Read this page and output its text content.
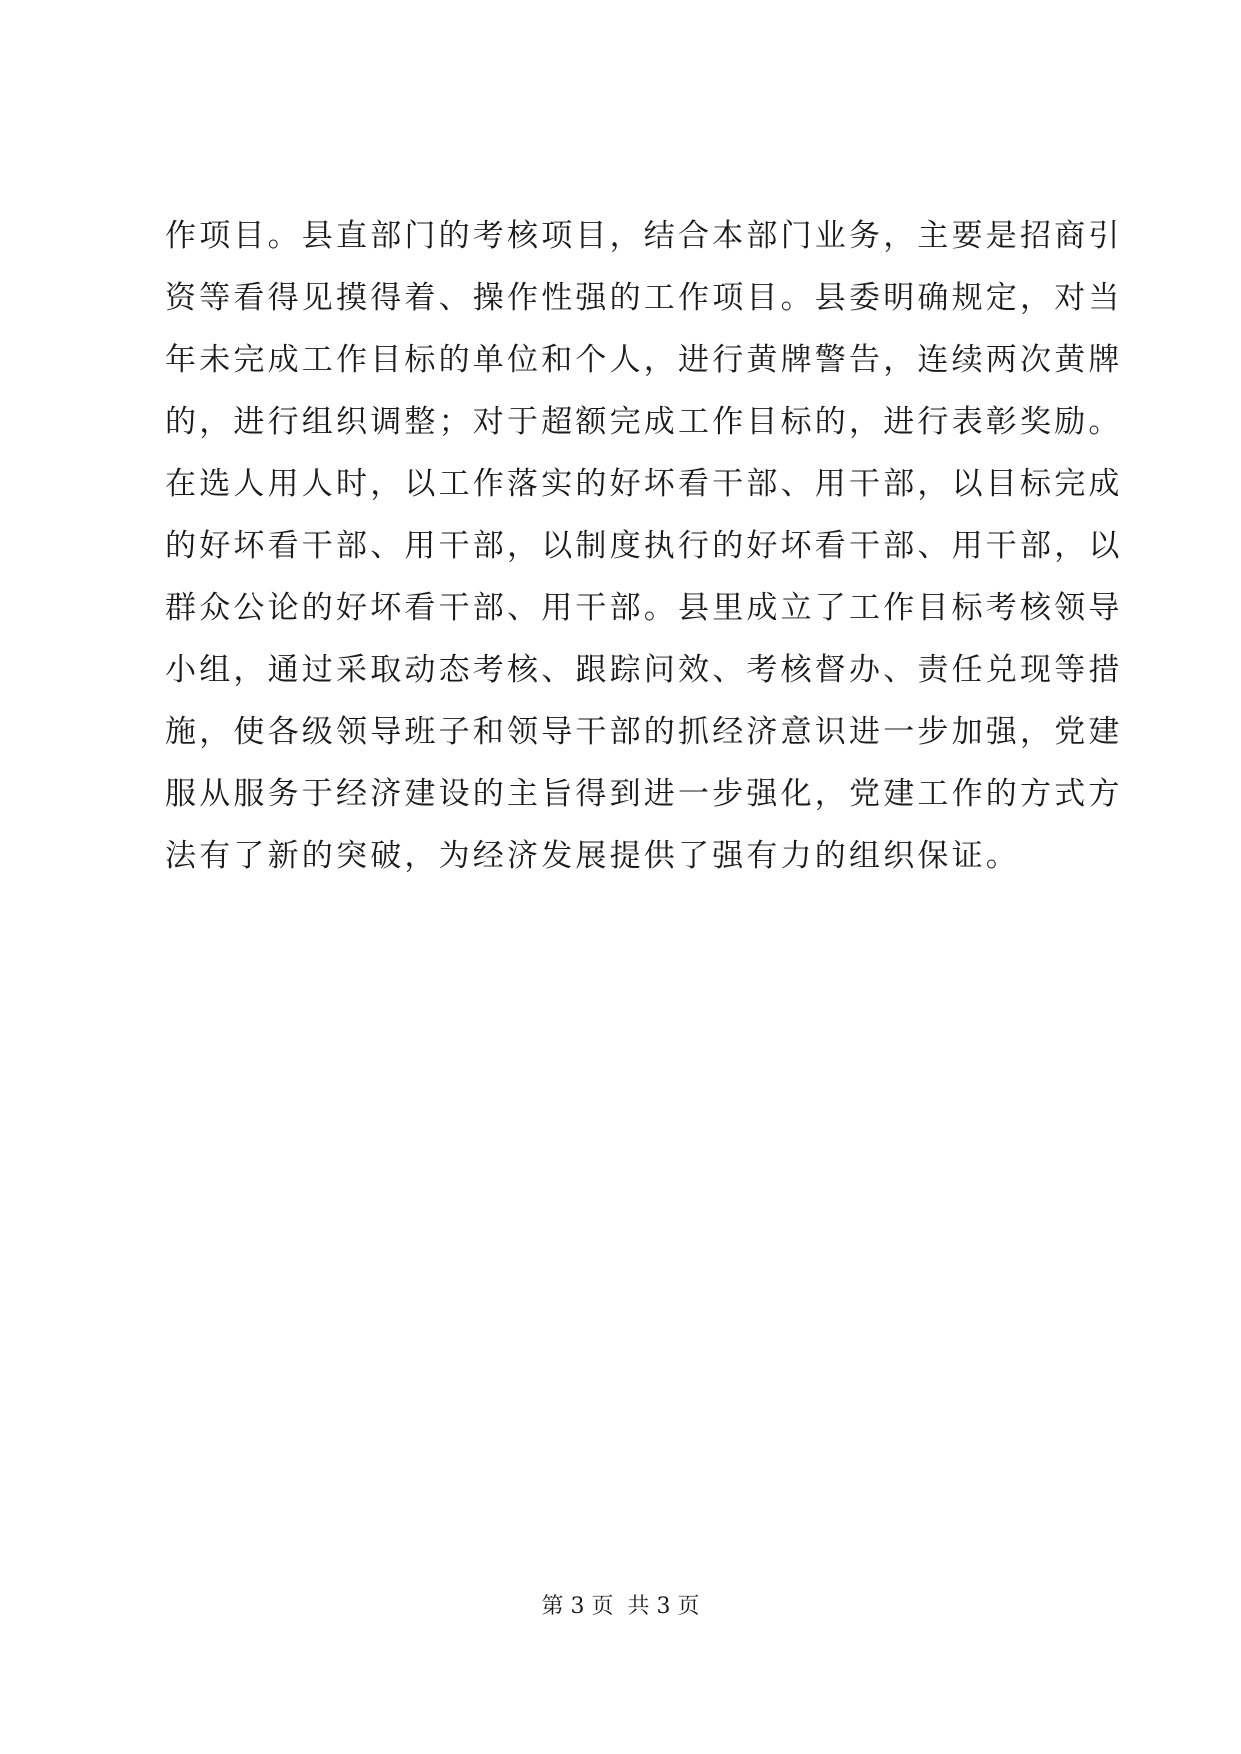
作项目。县直部门的考核项目，结合本部门业务，主要是招商引
资等看得见摸得着、操作性强的工作项目。县委明确规定，对当
年未完成工作目标的单位和个人，进行黄牌警告，连续两次黄牌
的，进行组织调整；对于超额完成工作目标的，进行表彰奖励。
在选人用人时，以工作落实的好坏看干部、用干部，以目标完成
的好坏看干部、用干部，以制度执行的好坏看干部、用干部，以
群众公论的好坏看干部、用干部。县里成立了工作目标考核领导
小组，通过采取动态考核、跟踪问效、考核督办、责任兑现等措
施，使各级领导班子和领导干部的抓经济意识进一步加强，党建
服从服务于经济建设的主旨得到进一步强化，党建工作的方式方
法有了新的突破，为经济发展提供了强有力的组织保证。
第 3 页 共 3 页
